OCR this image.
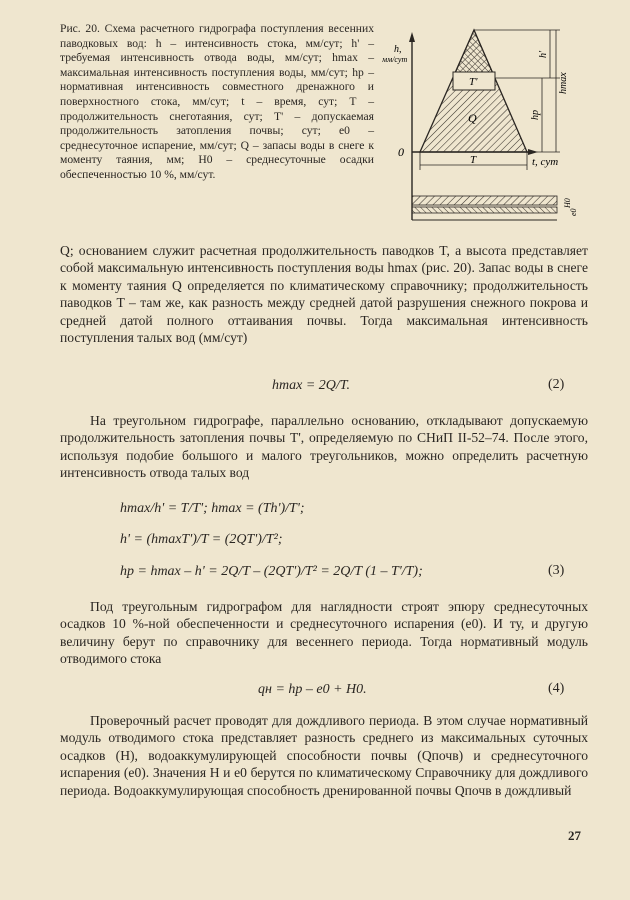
Рис. 20. Схема расчетного гидрографа поступления весенних паводковых вод: h – интенсивность стока, мм/сут; h' – требуемая интенсивность отвода воды, мм/сут; hmax – максимальная интенсивность поступления воды, мм/сут; hр – нормативная интенсивность совместного дренажного и поверхностного стока, мм/сут; t – время, сут; T – продолжительность снеготаяния, сут; T' – допускаемая продолжительность затопления почвы; сут; e0 – среднесуточное испарение, мм/сут; Q – запасы воды в снеге к моменту таяния, мм; H0 – среднесуточные осадки обеспеченностью 10 %, мм/сут.
h,
мм/сут
0
h'
hmax
hр
T'
Q
T	t, сут
H0
e0

Q; основанием служит расчетная продолжительность паводков T, а высота представляет собой максимальную интенсивность поступления воды hmax (рис. 20). Запас воды в снеге к моменту таяния Q определяется по климатическому справочнику; продолжительность паводков T – там же, как разность между средней датой разрушения снежного покрова и средней датой полного оттаивания почвы. Тогда максимальная интенсивность поступления талых вод (мм/сут)

hmax = 2Q/T.	(2)

На треугольном гидрографе, параллельно основанию, откладывают допускаемую продолжительность затопления почвы T', определяемую по СНиП II-52–74. После этого, используя подобие большого и малого треугольников, можно определить расчетную интенсивность отвода талых вод

hmax/h' = T/T'; hmax = (Th')/T';
h' = (hmaxT')/T = (2QT')/T²;
hр = hmax – h' = 2Q/T – (2QT')/T² = 2Q/T (1 – T'/T);	(3)

Под треугольным гидрографом для наглядности строят эпюру среднесуточных осадков 10 %-ной обеспеченности и среднесуточного испарения (e0). И ту, и другую величину берут по справочнику для весеннего периода. Тогда нормативный модуль отводимого стока

qн = hр – e0 + H0.	(4)

Проверочный расчет проводят для дождливого периода. В этом случае нормативный модуль отводимого стока представляет разность среднего из максимальных суточных осадков (H), водоаккумулирующей способности почвы (Qпочв) и среднесуточного испарения (e0). Значения H и e0 берутся по климатическому Справочнику для дождливого периода. Водоаккумулирующая способность дренированной почвы Qпочв в дождливый

27
